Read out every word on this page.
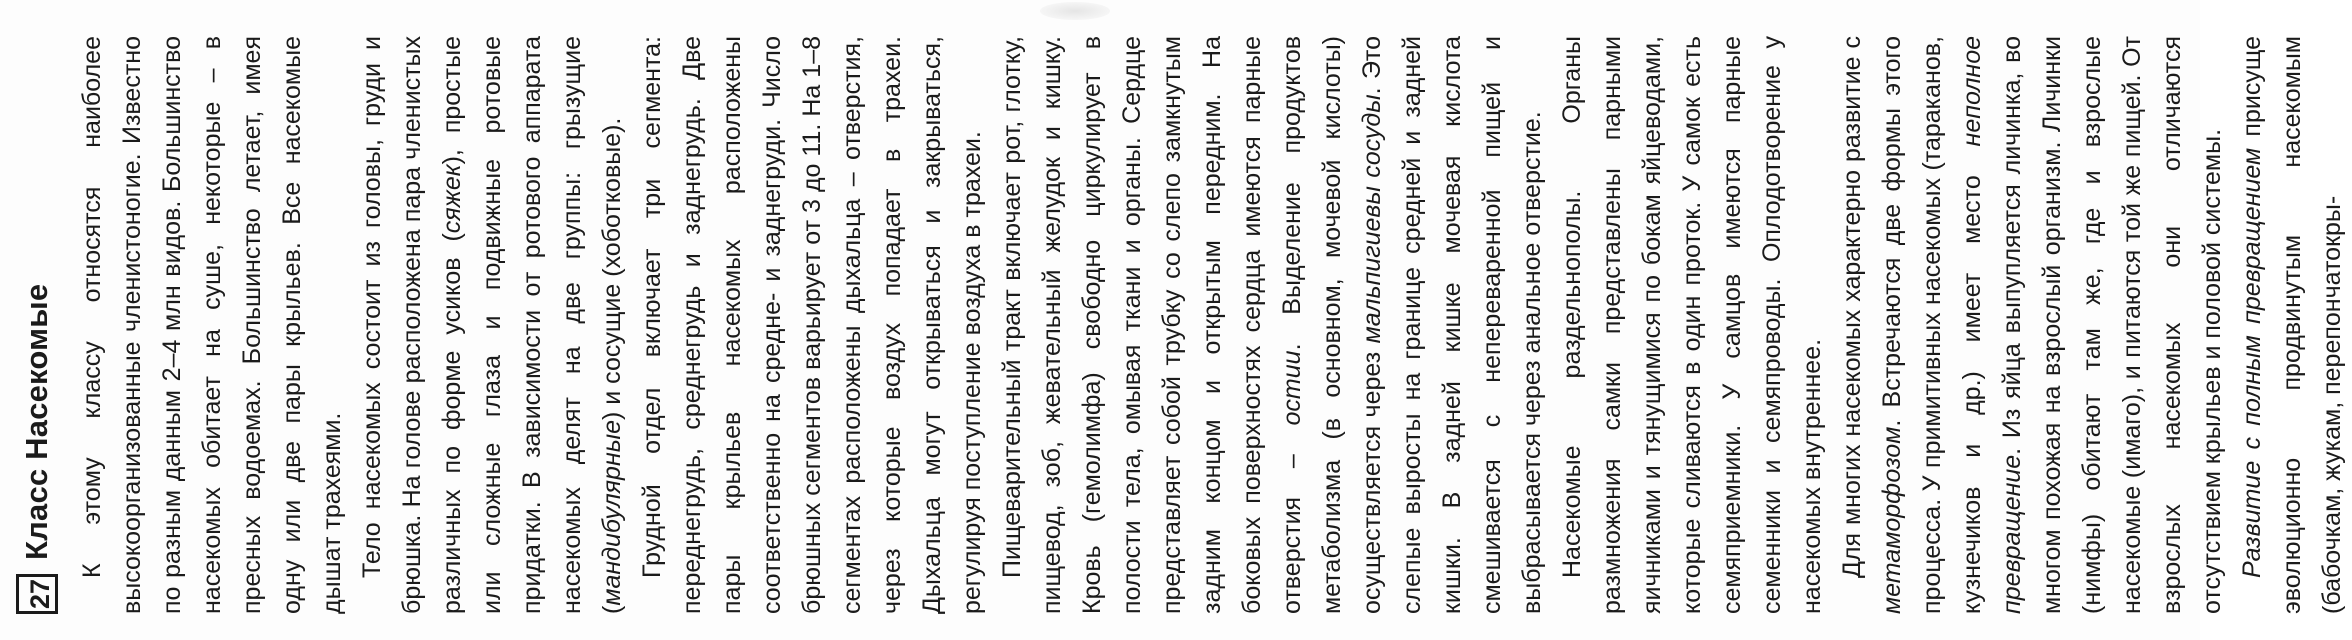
27
Класс Насекомые К этому классу относятся наиболее высокоорганизованные членистоногие. Известно по разным данным 2–4 млн видов. Большинство насекомых обитает на суше, некоторые – в пресных водоемах. Большинство летает, имея одну или две пары крыльев. Все насекомые дышат трахеями. Тело насекомых состоит из головы, груди и брюшка. На голове расположена пара членистых различных по форме усиков (сяжек), простые или сложные глаза и подвижные ротовые придатки. В зависимости от ротового аппарата насекомых делят на две группы: грызущие (мандибулярные) и сосущие (хоботковые). Грудной отдел включает три сегмента: переднегрудь, среднегрудь и заднегрудь. Две пары крыльев насекомых расположены соответственно на средне- и заднегруди. Число брюшных сегментов варьирует от 3 до 11. На 1–8 сегментах расположены дыхальца – отверстия, через которые воздух попадает в трахеи. Дыхальца могут открываться и закрываться, регулируя поступление воздуха в трахеи. Пищеварительный тракт включает рот, глотку, пищевод, зоб, жевательный желудок и кишку. Кровь (гемолимфа) свободно циркулирует в полости тела, омывая ткани и органы. Сердце представляет собой трубку со слепо замкнутым задним концом и открытым передним. На боковых поверхностях сердца имеются парные отверстия – остии. Выделение продуктов метаболизма (в основном, мочевой кислоты) осуществляется через мальпигиевы сосуды. Это слепые выросты на границе средней и задней кишки. В задней кишке мочевая кислота смешивается с непереваренной пищей и выбрасывается через анальное отверстие. Насекомые раздельнополы. Органы размножения самки представлены парными яичниками и тянущимися по бокам яйцеводами, которые сливаются в один проток. У самок есть семяприемники. У самцов имеются парные семенники и семяпроводы. Оплодотворение у насекомых внутреннее. Для многих насекомых характерно развитие с метаморфозом. Встречаются две формы этого процесса. У примитивных насекомых (тараканов, кузнечиков и др.) имеет место неполное превращение. Из яйца выпупляется личинка, во многом похожая на взрослый организм. Личинки (нимфы) обитают там же, где и взрослые насекомые (имаго), и питаются той же пищей. От взрослых насекомых они отличаются отсутствием крыльев и половой системы. Развитие с полным превращением присуще эволюционно продвинутым насекомым (бабочкам, жукам, перепончатокры-
